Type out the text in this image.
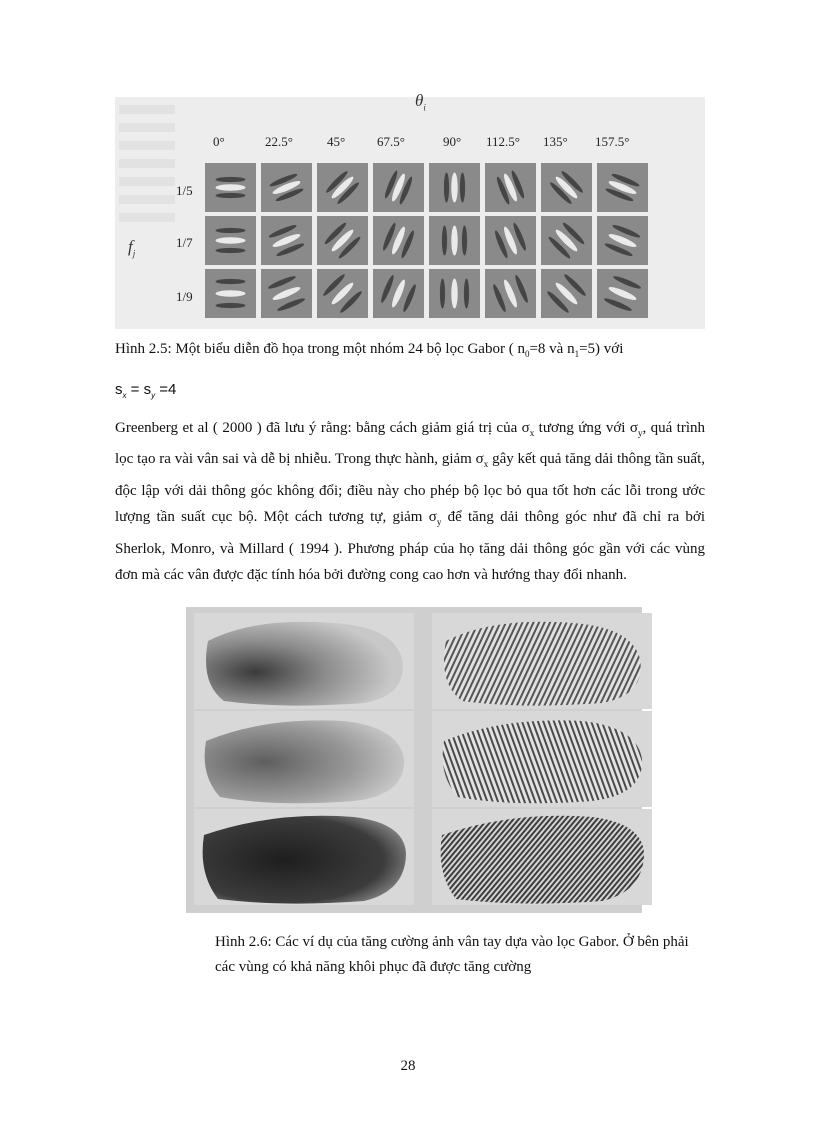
$\theta_i$
$f_j$
0°	22.5°	45° 67.5°	90° 112.5° 135° 157.5°
1/5
1/7
1/9
Hình 2.5: Một biểu diễn đồ họa trong một nhóm 24 bộ lọc Gabor ( $n_0=8$ và $n_1=5$) với
$s_x = s_y =4$
Greenberg et al ( 2000 ) đã lưu ý rằng: bằng cách giảm giá trị của $\sigma_x$ tương ứng với $\sigma_y$, quá trình lọc tạo ra vài vân sai và dễ bị nhiễu. Trong thực hành, giảm $\sigma_x$ gây kết quả tăng dải thông tần suất, độc lập với dải thông góc không đổi; điều này cho phép bộ lọc bỏ qua tốt hơn các lỗi trong ước lượng tần suất cục bộ. Một cách tương tự, giảm $\sigma_y$ để tăng dải thông góc như đã chỉ ra bởi Sherlok, Monro, và Millard ( 1994 ). Phương pháp của họ tăng dải thông góc gần với các vùng đơn mà các vân được đặc tính hóa bởi đường cong cao hơn và hướng thay đổi nhanh.
Hình 2.6: Các ví dụ của tăng cường ảnh vân tay dựa vào lọc Gabor. Ở bên phải các vùng có khả năng khôi phục đã được tăng cường
28
